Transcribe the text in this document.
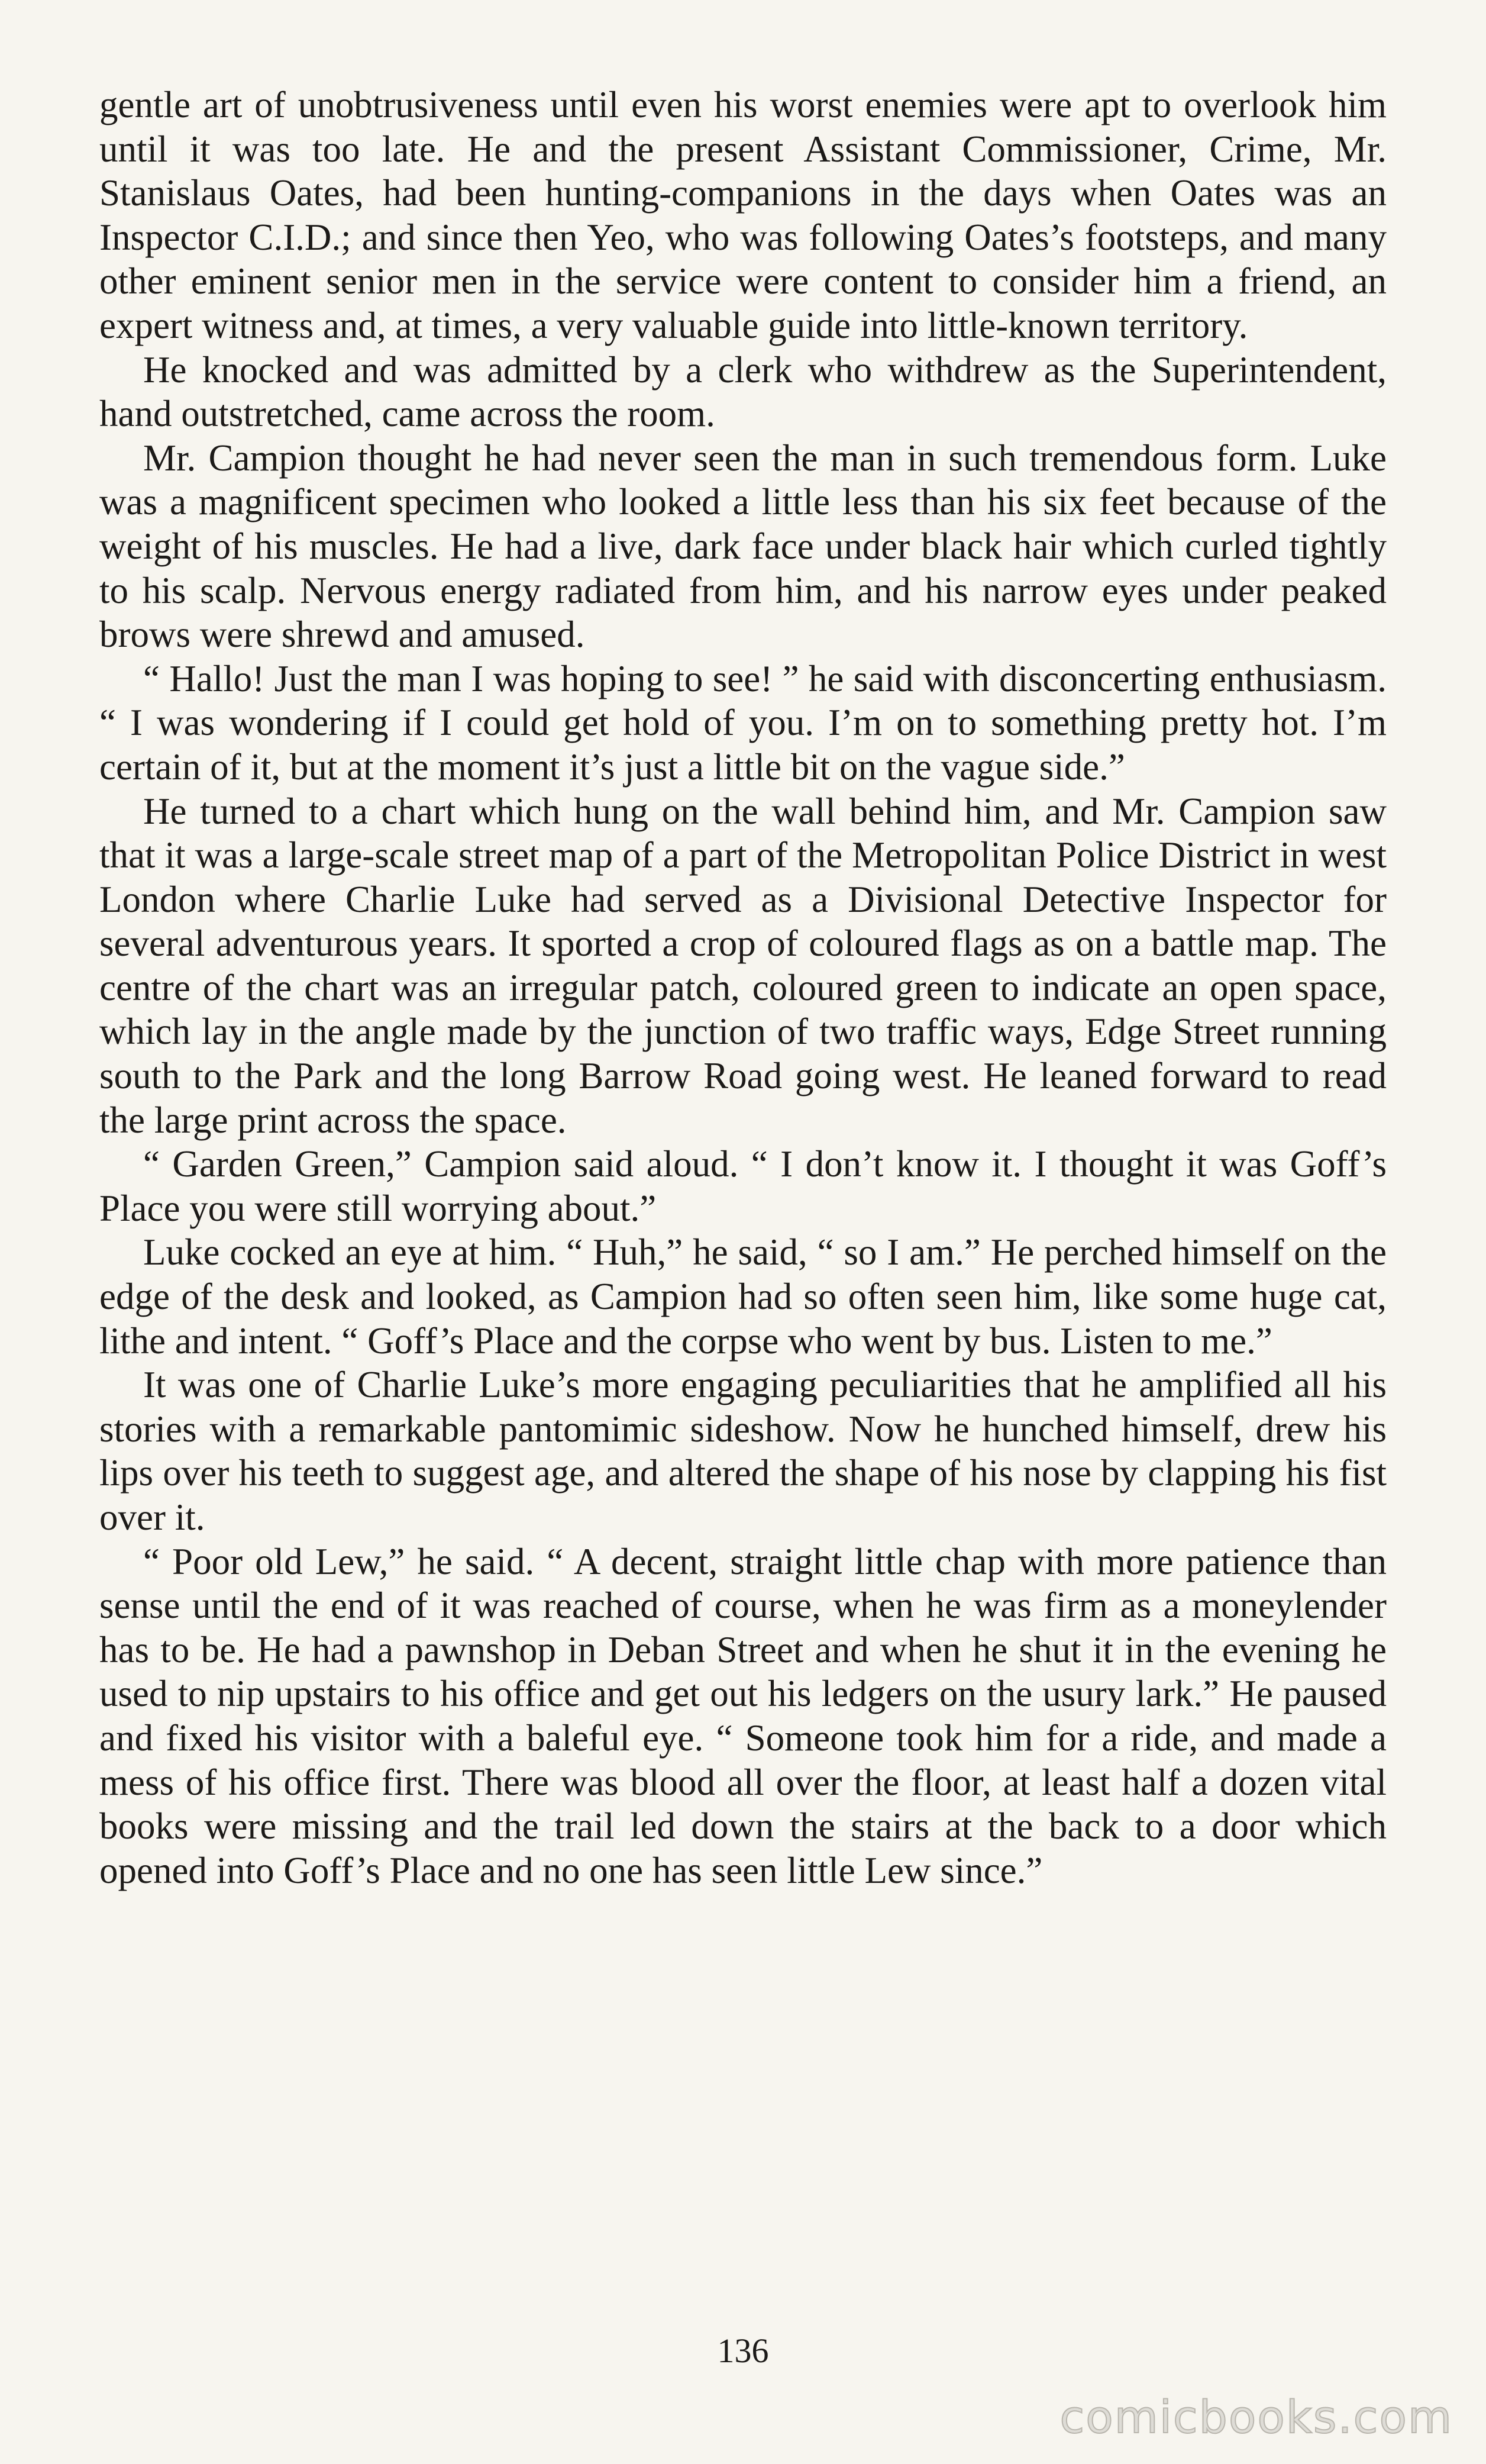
gentle art of unobtrusiveness until even his worst enemies were apt to overlook him until it was too late. He and the present Assistant Commissioner, Crime, Mr. Stanislaus Oates, had been hunting-companions in the days when Oates was an Inspector C.I.D.; and since then Yeo, who was following Oates’s footsteps, and many other eminent senior men in the service were content to consider him a friend, an expert witness and, at times, a very valuable guide into little-known territory.

He knocked and was admitted by a clerk who withdrew as the Superintendent, hand outstretched, came across the room.

Mr. Campion thought he had never seen the man in such tremendous form. Luke was a magnificent specimen who looked a little less than his six feet because of the weight of his muscles. He had a live, dark face under black hair which curled tightly to his scalp. Nervous energy radiated from him, and his narrow eyes under peaked brows were shrewd and amused.

“ Hallo! Just the man I was hoping to see! ” he said with disconcerting enthusiasm. “ I was wondering if I could get hold of you. I’m on to something pretty hot. I’m certain of it, but at the moment it’s just a little bit on the vague side.”

He turned to a chart which hung on the wall behind him, and Mr. Campion saw that it was a large-scale street map of a part of the Metropolitan Police District in west London where Charlie Luke had served as a Divisional Detective Inspector for several adventurous years. It sported a crop of coloured flags as on a battle map. The centre of the chart was an irregular patch, coloured green to indicate an open space, which lay in the angle made by the junction of two traffic ways, Edge Street running south to the Park and the long Barrow Road going west. He leaned forward to read the large print across the space.

“ Garden Green,” Campion said aloud. “ I don’t know it. I thought it was Goff’s Place you were still worrying about.”

Luke cocked an eye at him. “ Huh,” he said, “ so I am.” He perched himself on the edge of the desk and looked, as Campion had so often seen him, like some huge cat, lithe and intent. “ Goff’s Place and the corpse who went by bus. Listen to me.”

It was one of Charlie Luke’s more engaging peculiarities that he amplified all his stories with a remarkable pantomimic sideshow. Now he hunched himself, drew his lips over his teeth to suggest age, and altered the shape of his nose by clapping his fist over it.

“ Poor old Lew,” he said. “ A decent, straight little chap with more patience than sense until the end of it was reached of course, when he was firm as a moneylender has to be. He had a pawnshop in Deban Street and when he shut it in the evening he used to nip upstairs to his office and get out his ledgers on the usury lark.” He paused and fixed his visitor with a baleful eye. “ Someone took him for a ride, and made a mess of his office first. There was blood all over the floor, at least half a dozen vital books were missing and the trail led down the stairs at the back to a door which opened into Goff’s Place and no one has seen little Lew since.”

136
comicbooks.com
